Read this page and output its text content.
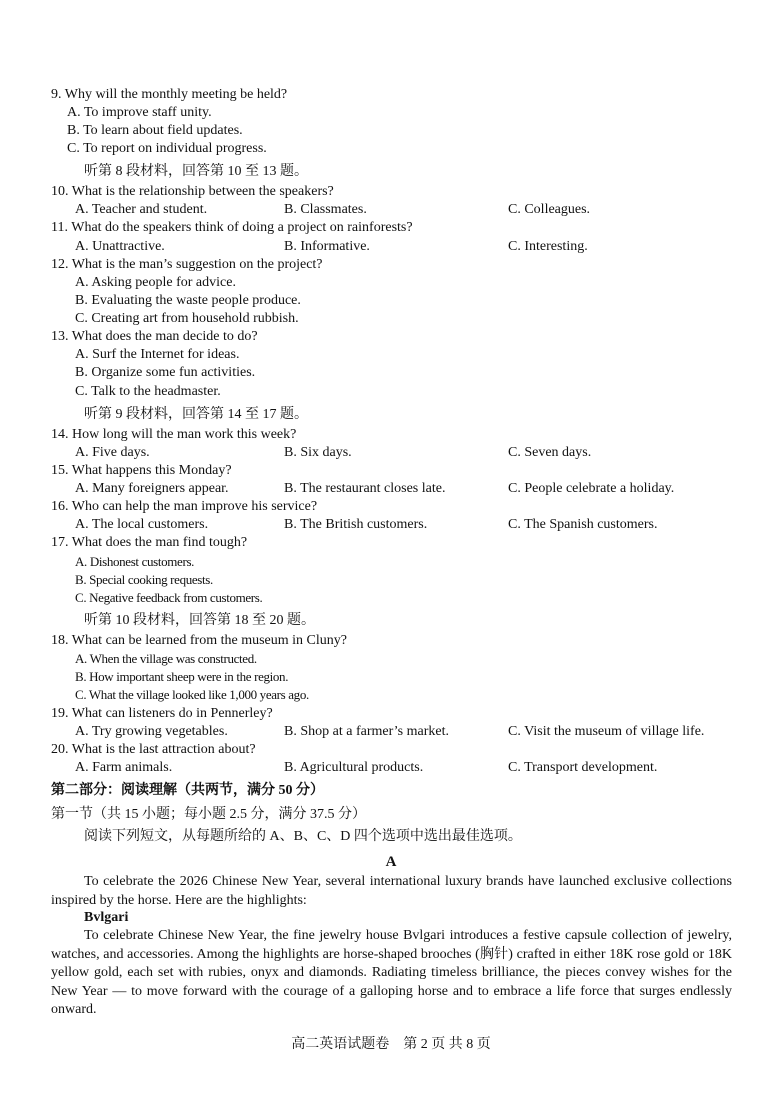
9. Why will the monthly meeting be held?
A. To improve staff unity.
B. To learn about field updates.
C. To report on individual progress.
听第 8 段材料，回答第 10 至 13 题。
10. What is the relationship between the speakers?
A. Teacher and student.	B. Classmates.	C. Colleagues.
11. What do the speakers think of doing a project on rainforests?
A. Unattractive.	B. Informative.	C. Interesting.
12. What is the man’s suggestion on the project?
A. Asking people for advice.
B. Evaluating the waste people produce.
C. Creating art from household rubbish.
13. What does the man decide to do?
A. Surf the Internet for ideas.
B. Organize some fun activities.
C. Talk to the headmaster.
听第 9 段材料，回答第 14 至 17 题。
14. How long will the man work this week?
A. Five days.	B. Six days.	C. Seven days.
15. What happens this Monday?
A. Many foreigners appear.	B. The restaurant closes late.	C. People celebrate a holiday.
16. Who can help the man improve his service?
A. The local customers.	B. The British customers.	C. The Spanish customers.
17. What does the man find tough?
A. Dishonest customers.
B. Special cooking requests.
C. Negative feedback from customers.
听第 10 段材料，回答第 18 至 20 题。
18. What can be learned from the museum in Cluny?
A. When the village was constructed.
B. How important sheep were in the region.
C. What the village looked like 1,000 years ago.
19. What can listeners do in Pennerley?
A. Try growing vegetables.	B. Shop at a farmer’s market.	C. Visit the museum of village life.
20. What is the last attraction about?
A. Farm animals.	B. Agricultural products.	C. Transport development.
第二部分：阅读理解（共两节，满分 50 分）
第一节（共 15 小题；每小题 2.5 分，满分 37.5 分）
阅读下列短文，从每题所给的 A、B、C、D 四个选项中选出最佳选项。
A
To celebrate the 2026 Chinese New Year, several international luxury brands have launched exclusive collections inspired by the horse. Here are the highlights:
Bvlgari
To celebrate Chinese New Year, the fine jewelry house Bvlgari introduces a festive capsule collection of jewelry, watches, and accessories. Among the highlights are horse-shaped brooches (胸针) crafted in either 18K rose gold or 18K yellow gold, each set with rubies, onyx and diamonds. Radiating timeless brilliance, the pieces convey wishes for the New Year — to move forward with the courage of a galloping horse and to embrace a life force that surges endlessly onward.
高二英语试题卷　第 2 页 共 8 页
